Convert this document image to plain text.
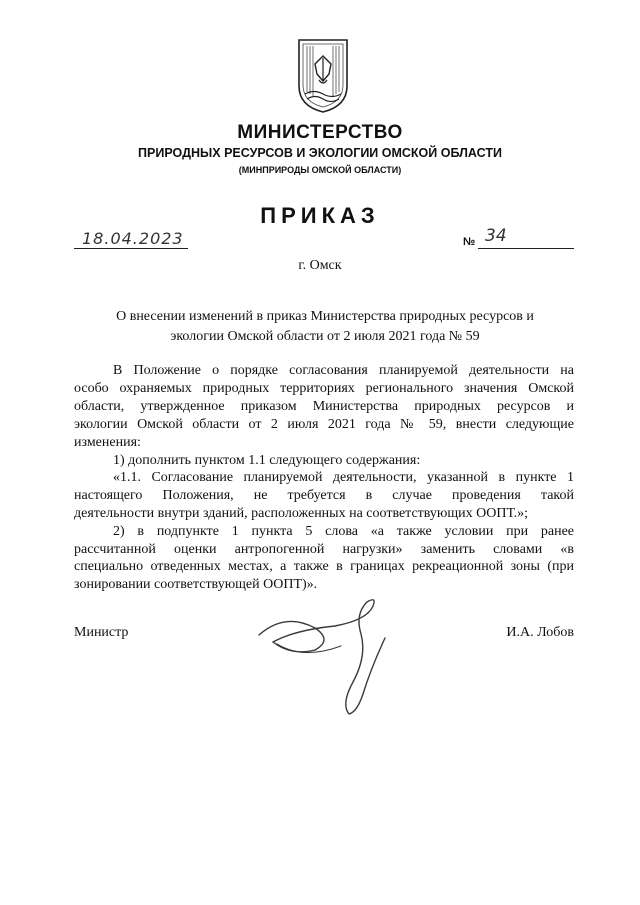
МИНИСТЕРСТВО
ПРИРОДНЫХ РЕСУРСОВ И ЭКОЛОГИИ ОМСКОЙ ОБЛАСТИ
(МИНПРИРОДЫ ОМСКОЙ ОБЛАСТИ)
ПРИКАЗ
18.04.2023	№ 34
г. Омск
О внесении изменений в приказ Министерства природных ресурсов и
экологии Омской области от 2 июля 2021 года № 59
В Положение о порядке согласования планируемой деятельности на
особо охраняемых природных территориях регионального значения Омской
области, утвержденное приказом Министерства природных ресурсов и
экологии Омской области от 2 июля 2021 года № 59, внести следующие
изменения:
1) дополнить пунктом 1.1 следующего содержания:
«1.1. Согласование планируемой деятельности, указанной в пункте 1
настоящего Положения, не требуется в случае проведения такой
деятельности внутри зданий, расположенных на соответствующих ООПТ.»;
2) в подпункте 1 пункта 5 слова «а также условии при ранее
рассчитанной оценки антропогенной нагрузки» заменить словами «в
специально отведенных местах, а также в границах рекреационной зоны (при
зонировании соответствующей ООПТ)».
Министр	И.А. Лобов
